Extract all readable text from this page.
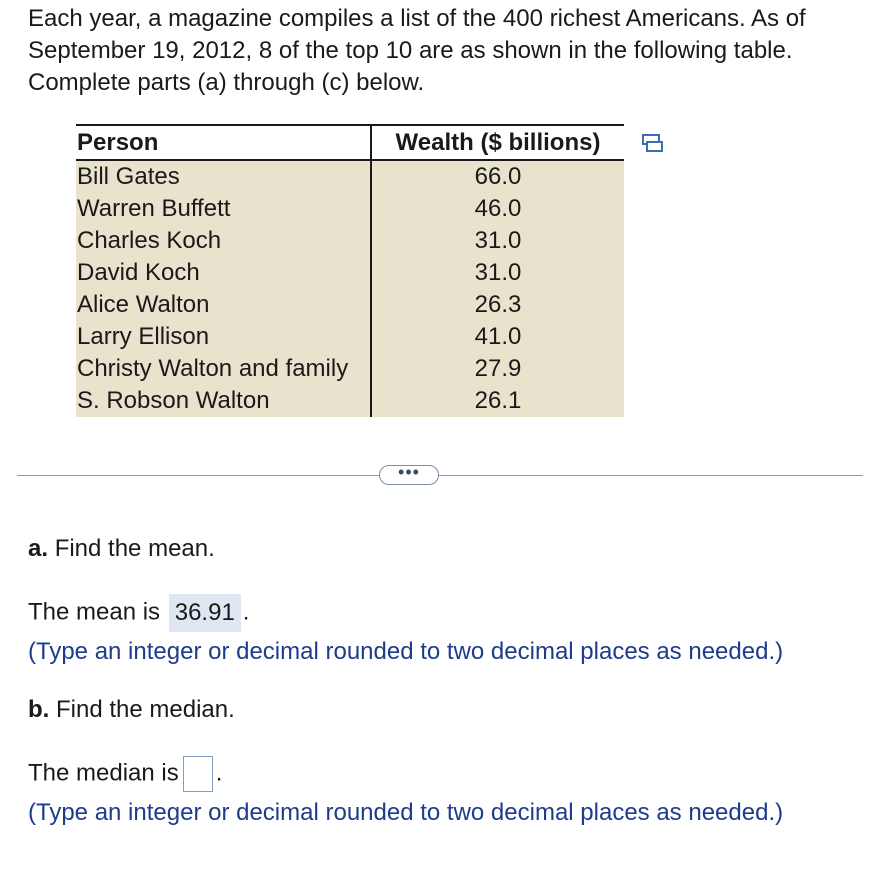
Each year, a magazine compiles a list of the 400 richest Americans. As of September 19, 2012, 8 of the top 10 are as shown in the following table. Complete parts (a) through (c) below.

Person	Wealth ($ billions)
Bill Gates	66.0
Warren Buffett	46.0
Charles Koch	31.0
David Koch	31.0
Alice Walton	26.3
Larry Ellison	41.0
Christy Walton and family	27.9
S. Robson Walton	26.1
•••

a. Find the mean.

The mean is 36.91 .

(Type an integer or decimal rounded to two decimal places as needed.)

b. Find the median.

The median is .

(Type an integer or decimal rounded to two decimal places as needed.)
